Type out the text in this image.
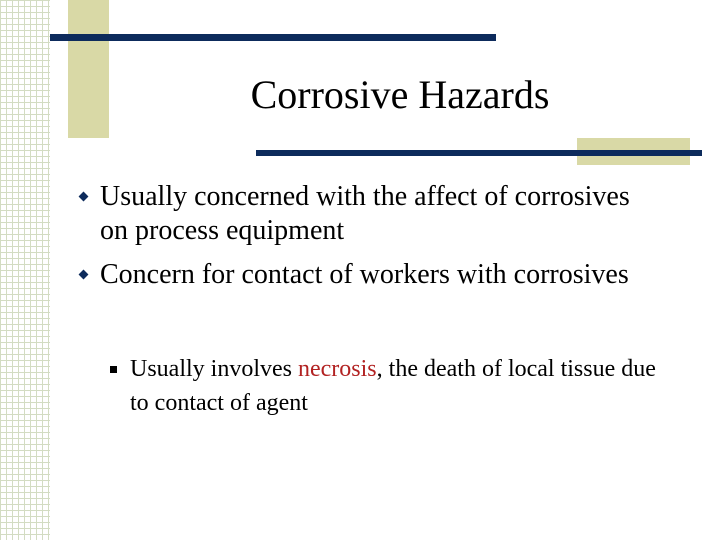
Corrosive Hazards
Usually concerned with the affect of corrosives on process equipment
Concern for contact of workers with corrosives
Usually involves necrosis, the death of local tissue due to contact of agent
